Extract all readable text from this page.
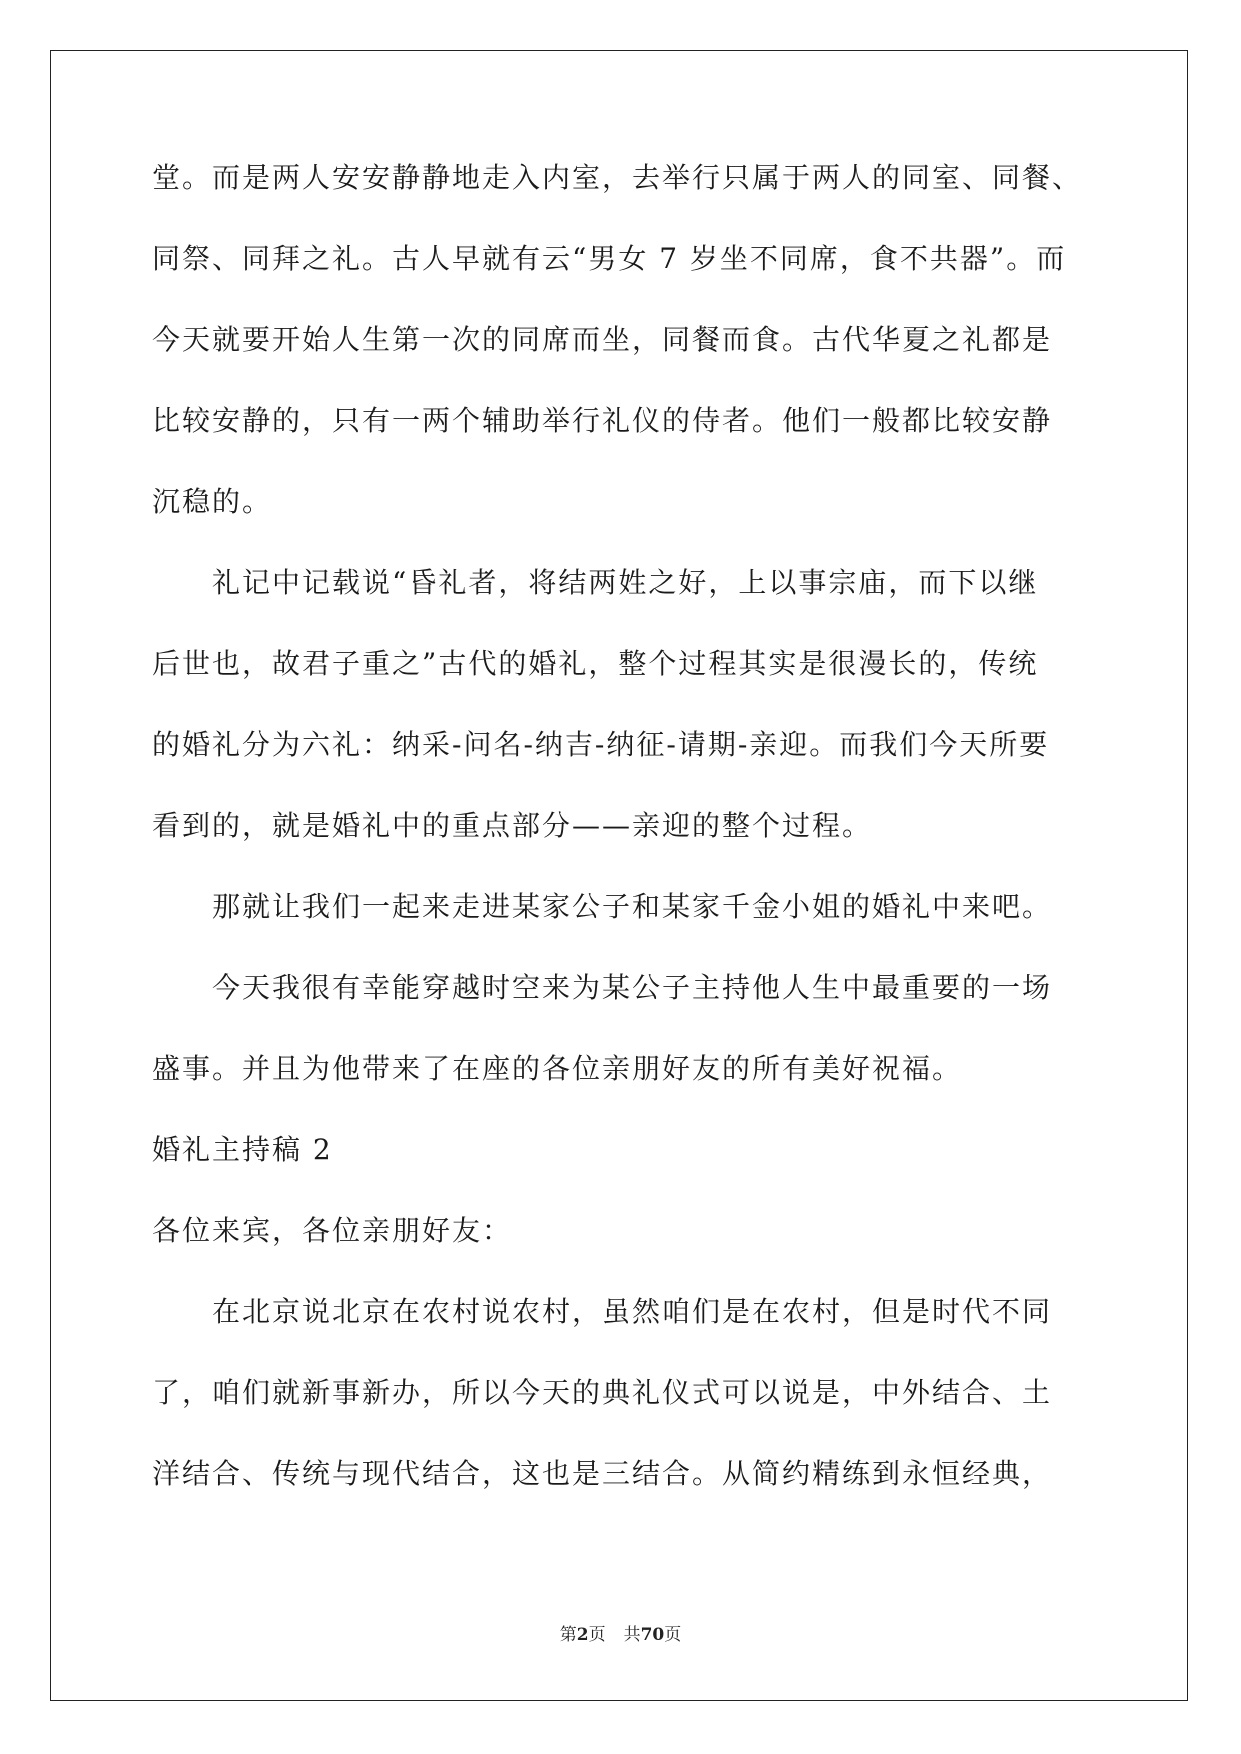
堂。而是两人安安静静地走入内室，去举行只属于两人的同室、同餐、
同祭、同拜之礼。古人早就有云“男女 7 岁坐不同席，食不共器”。而
今天就要开始人生第一次的同席而坐，同餐而食。古代华夏之礼都是
比较安静的，只有一两个辅助举行礼仪的侍者。他们一般都比较安静
沉稳的。
礼记中记载说“昏礼者，将结两姓之好，上以事宗庙，而下以继
后世也，故君子重之”古代的婚礼，整个过程其实是很漫长的，传统
的婚礼分为六礼：纳采-问名-纳吉-纳征-请期-亲迎。而我们今天所要
看到的，就是婚礼中的重点部分——亲迎的整个过程。
那就让我们一起来走进某家公子和某家千金小姐的婚礼中来吧。
今天我很有幸能穿越时空来为某公子主持他人生中最重要的一场
盛事。并且为他带来了在座的各位亲朋好友的所有美好祝福。
婚礼主持稿 2
各位来宾，各位亲朋好友：
在北京说北京在农村说农村，虽然咱们是在农村，但是时代不同
了，咱们就新事新办，所以今天的典礼仪式可以说是，中外结合、土
洋结合、传统与现代结合，这也是三结合。从简约精练到永恒经典，
第2页 共70页
